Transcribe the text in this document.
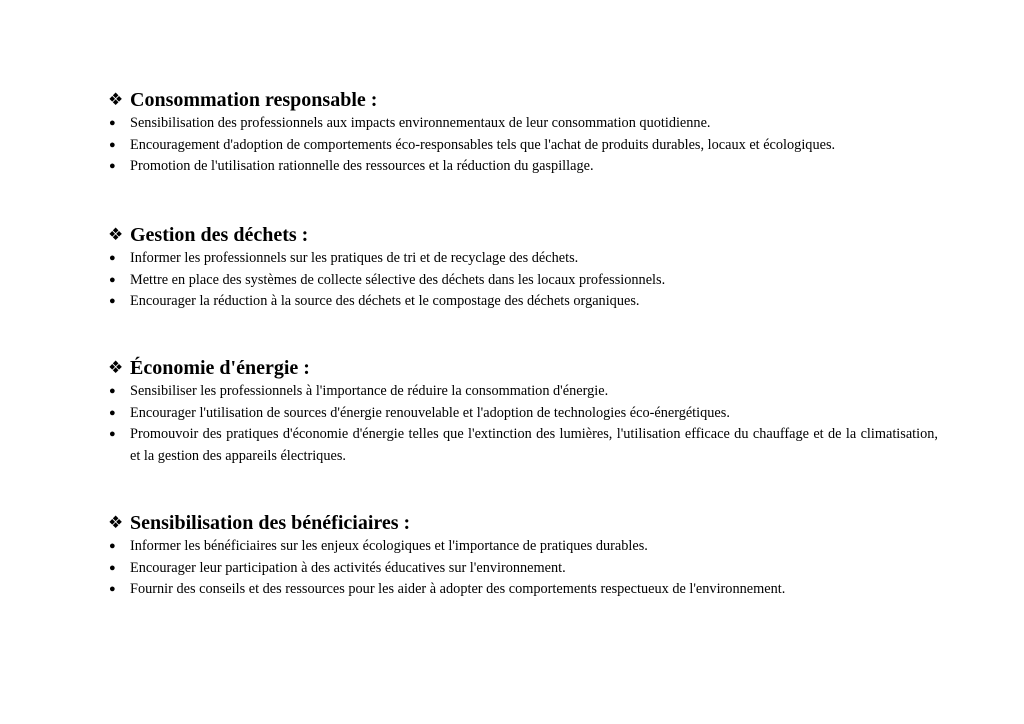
❖ Consommation responsable :
● Sensibilisation des professionnels aux impacts environnementaux de leur consommation quotidienne.
● Encouragement d'adoption de comportements éco-responsables tels que l'achat de produits durables, locaux et écologiques.
● Promotion de l'utilisation rationnelle des ressources et la réduction du gaspillage.
❖ Gestion des déchets :
● Informer les professionnels sur les pratiques de tri et de recyclage des déchets.
● Mettre en place des systèmes de collecte sélective des déchets dans les locaux professionnels.
● Encourager la réduction à la source des déchets et le compostage des déchets organiques.
❖ Économie d'énergie :
● Sensibiliser les professionnels à l'importance de réduire la consommation d'énergie.
● Encourager l'utilisation de sources d'énergie renouvelable et l'adoption de technologies éco-énergétiques.
● Promouvoir des pratiques d'économie d'énergie telles que l'extinction des lumières, l'utilisation efficace du chauffage et de la climatisation, et la gestion des appareils électriques.
❖ Sensibilisation des bénéficiaires :
● Informer les bénéficiaires sur les enjeux écologiques et l'importance de pratiques durables.
● Encourager leur participation à des activités éducatives sur l'environnement.
● Fournir des conseils et des ressources pour les aider à adopter des comportements respectueux de l'environnement.
